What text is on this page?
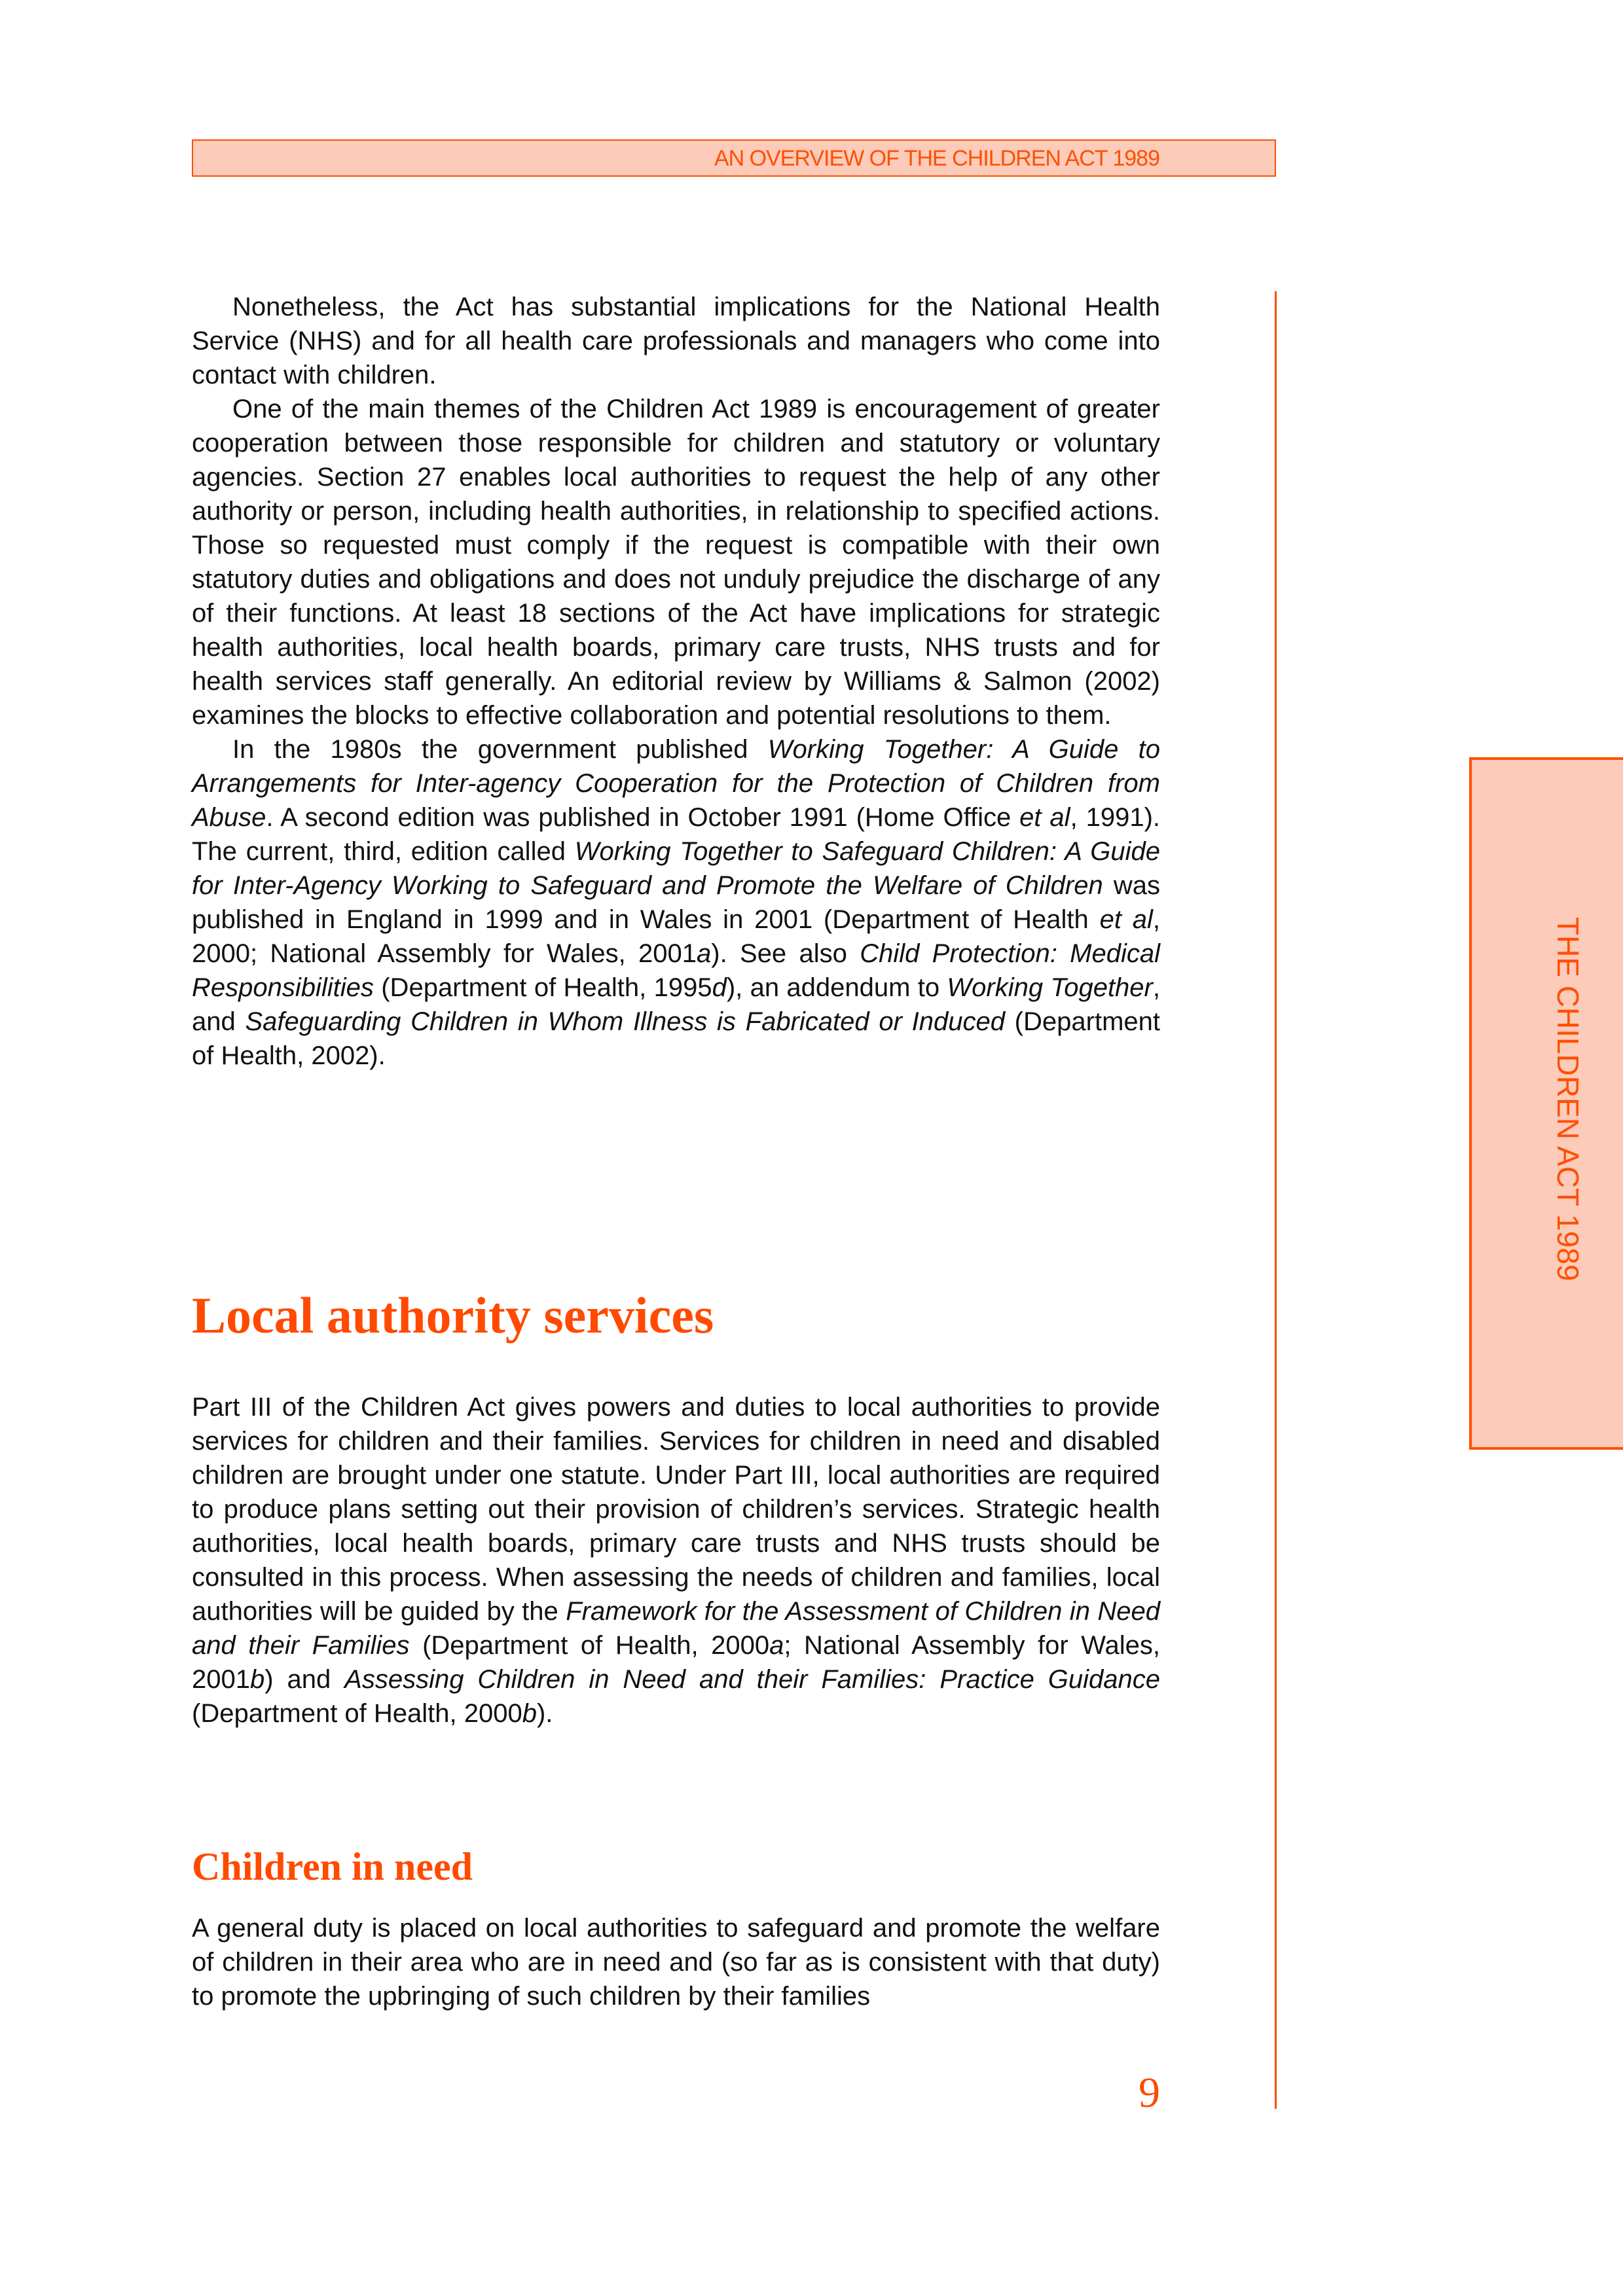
AN OVERVIEW OF THE CHILDREN ACT 1989
THE CHILDREN ACT 1989

Nonetheless, the Act has substantial implications for the National Health Service (NHS) and for all health care professionals and managers who come into contact with children.

One of the main themes of the Children Act 1989 is encouragement of greater cooperation between those responsible for children and statutory or voluntary agencies. Section 27 enables local authorities to request the help of any other authority or person, including health authorities, in relationship to specified actions. Those so requested must comply if the request is compatible with their own statutory duties and obligations and does not unduly prejudice the discharge of any of their functions. At least 18 sections of the Act have implications for strategic health authorities, local health boards, primary care trusts, NHS trusts and for health services staff generally. An editorial review by Williams & Salmon (2002) examines the blocks to effective collaboration and potential resolutions to them.

In the 1980s the government published Working Together: A Guide to Arrangements for Inter-agency Cooperation for the Protection of Children from Abuse. A second edition was published in October 1991 (Home Office et al, 1991). The current, third, edition called Working Together to Safeguard Children: A Guide for Inter-Agency Working to Safeguard and Promote the Welfare of Children was published in England in 1999 and in Wales in 2001 (Department of Health et al, 2000; National Assembly for Wales, 2001a). See also Child Protection: Medical Responsibilities (Department of Health, 1995d), an addendum to Working Together, and Safeguarding Children in Whom Illness is Fabricated or Induced (Department of Health, 2002).

Local authority services

Part III of the Children Act gives powers and duties to local authorities to provide services for children and their families. Services for children in need and disabled children are brought under one statute. Under Part III, local authorities are required to produce plans setting out their provision of children’s services. Strategic health authorities, local health boards, primary care trusts and NHS trusts should be consulted in this process. When assessing the needs of children and families, local authorities will be guided by the Framework for the Assessment of Children in Need and their Families (Department of Health, 2000a; National Assembly for Wales, 2001b) and Assessing Children in Need and their Families: Practice Guidance (Department of Health, 2000b).

Children in need

A general duty is placed on local authorities to safeguard and promote the welfare of children in their area who are in need and (so far as is consistent with that duty) to promote the upbringing of such children by their families

9
